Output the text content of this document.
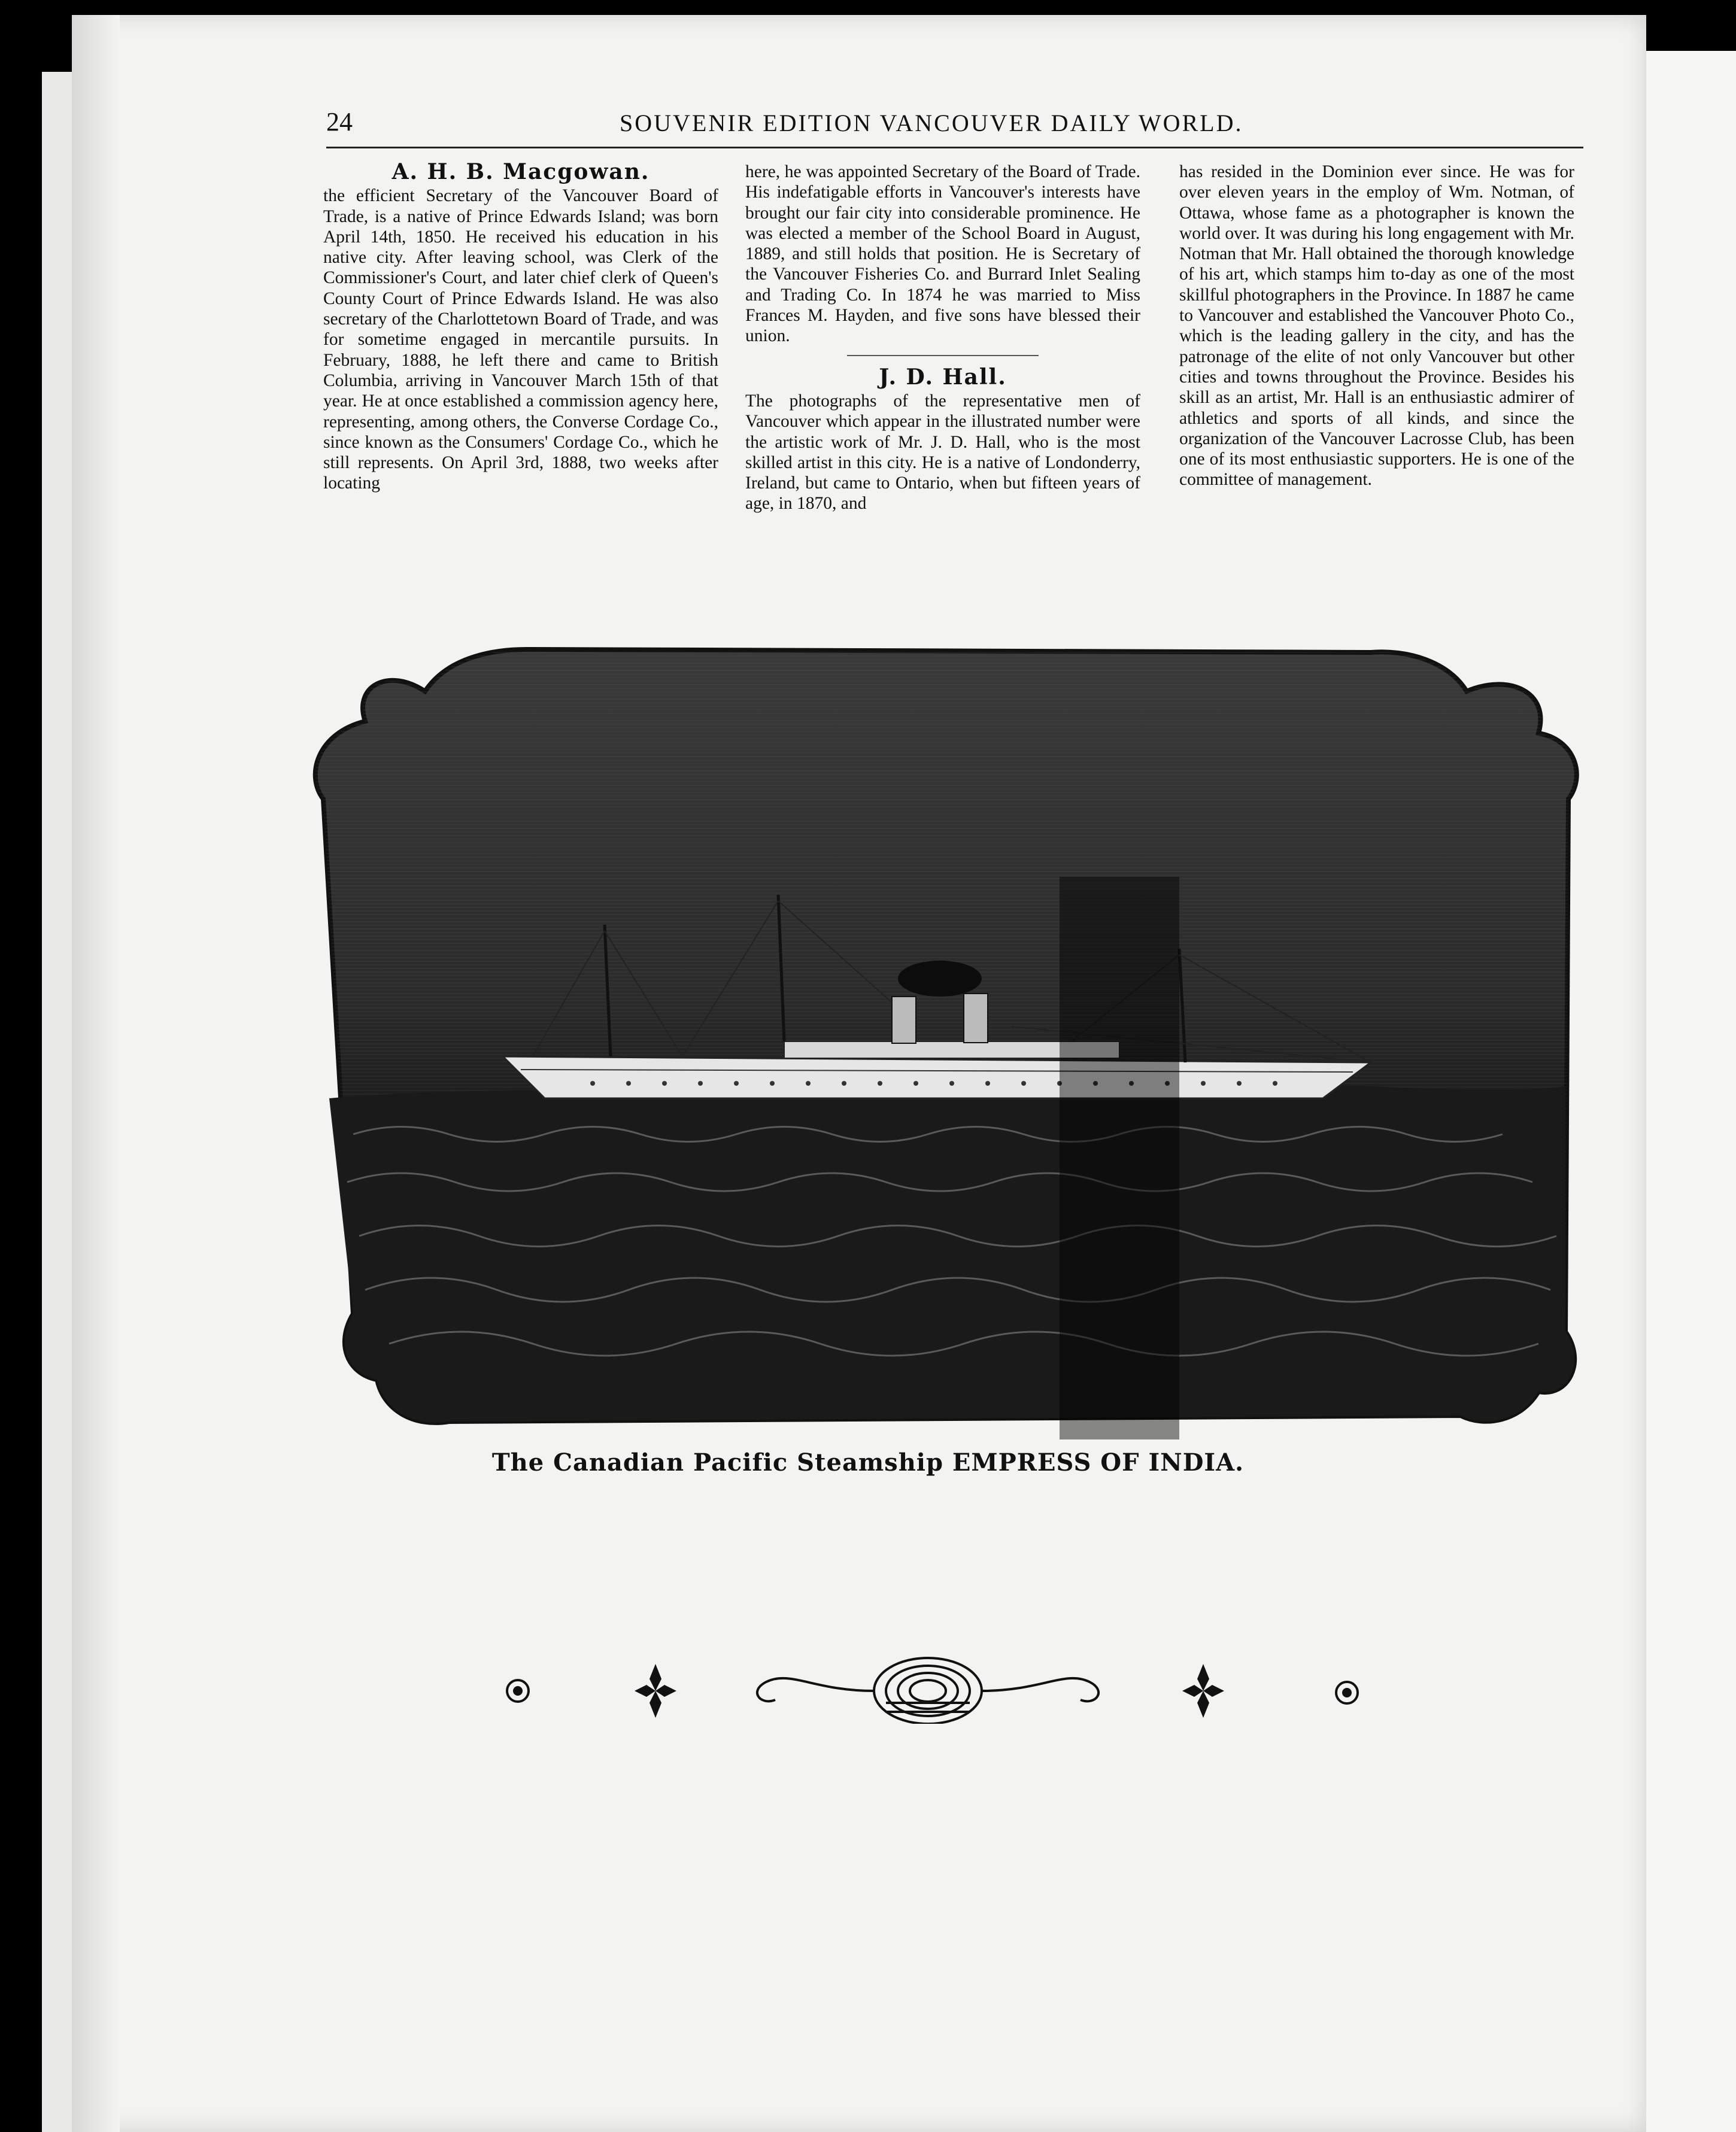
24	SOUVENIR EDITION VANCOUVER DAILY WORLD.
A. H. B. Macgowan.

the efficient Secretary of the Vancouver Board of Trade, is a native of Prince Edwards Island; was born April 14th, 1850. He received his education in his native city. After leaving school, was Clerk of the Commissioner's Court, and later chief clerk of Queen's County Court of Prince Edwards Island. He was also secretary of the Charlottetown Board of Trade, and was for sometime engaged in mercantile pursuits. In February, 1888, he left there and came to British Columbia, arriving in Vancouver March 15th of that year. He at once established a commission agency here, representing, among others, the Converse Cordage Co., since known as the Consumers' Cordage Co., which he still represents. On April 3rd, 1888, two weeks after locating

here, he was appointed Secretary of the Board of Trade. His indefatigable efforts in Vancouver's interests have brought our fair city into considerable prominence. He was elected a member of the School Board in August, 1889, and still holds that position. He is Secretary of the Vancouver Fisheries Co. and Burrard Inlet Sealing and Trading Co. In 1874 he was married to Miss Frances M. Hayden, and five sons have blessed their union.

J. D. Hall.

The photographs of the representative men of Vancouver which appear in the illustrated number were the artistic work of Mr. J. D. Hall, who is the most skilled artist in this city. He is a native of Londonderry, Ireland, but came to Ontario, when but fifteen years of age, in 1870, and

has resided in the Dominion ever since. He was for over eleven years in the employ of Wm. Notman, of Ottawa, whose fame as a photographer is known the world over. It was during his long engagement with Mr. Notman that Mr. Hall obtained the thorough knowledge of his art, which stamps him to-day as one of the most skillful photographers in the Province. In 1887 he came to Vancouver and established the Vancouver Photo Co., which is the leading gallery in the city, and has the patronage of the elite of not only Vancouver but other cities and towns throughout the Province. Besides his skill as an artist, Mr. Hall is an enthusiastic admirer of athletics and sports of all kinds, and since the organization of the Vancouver Lacrosse Club, has been one of its most enthusiastic supporters. He is one of the committee of management.

The Canadian Pacific Steamship EMPRESS OF INDIA.
